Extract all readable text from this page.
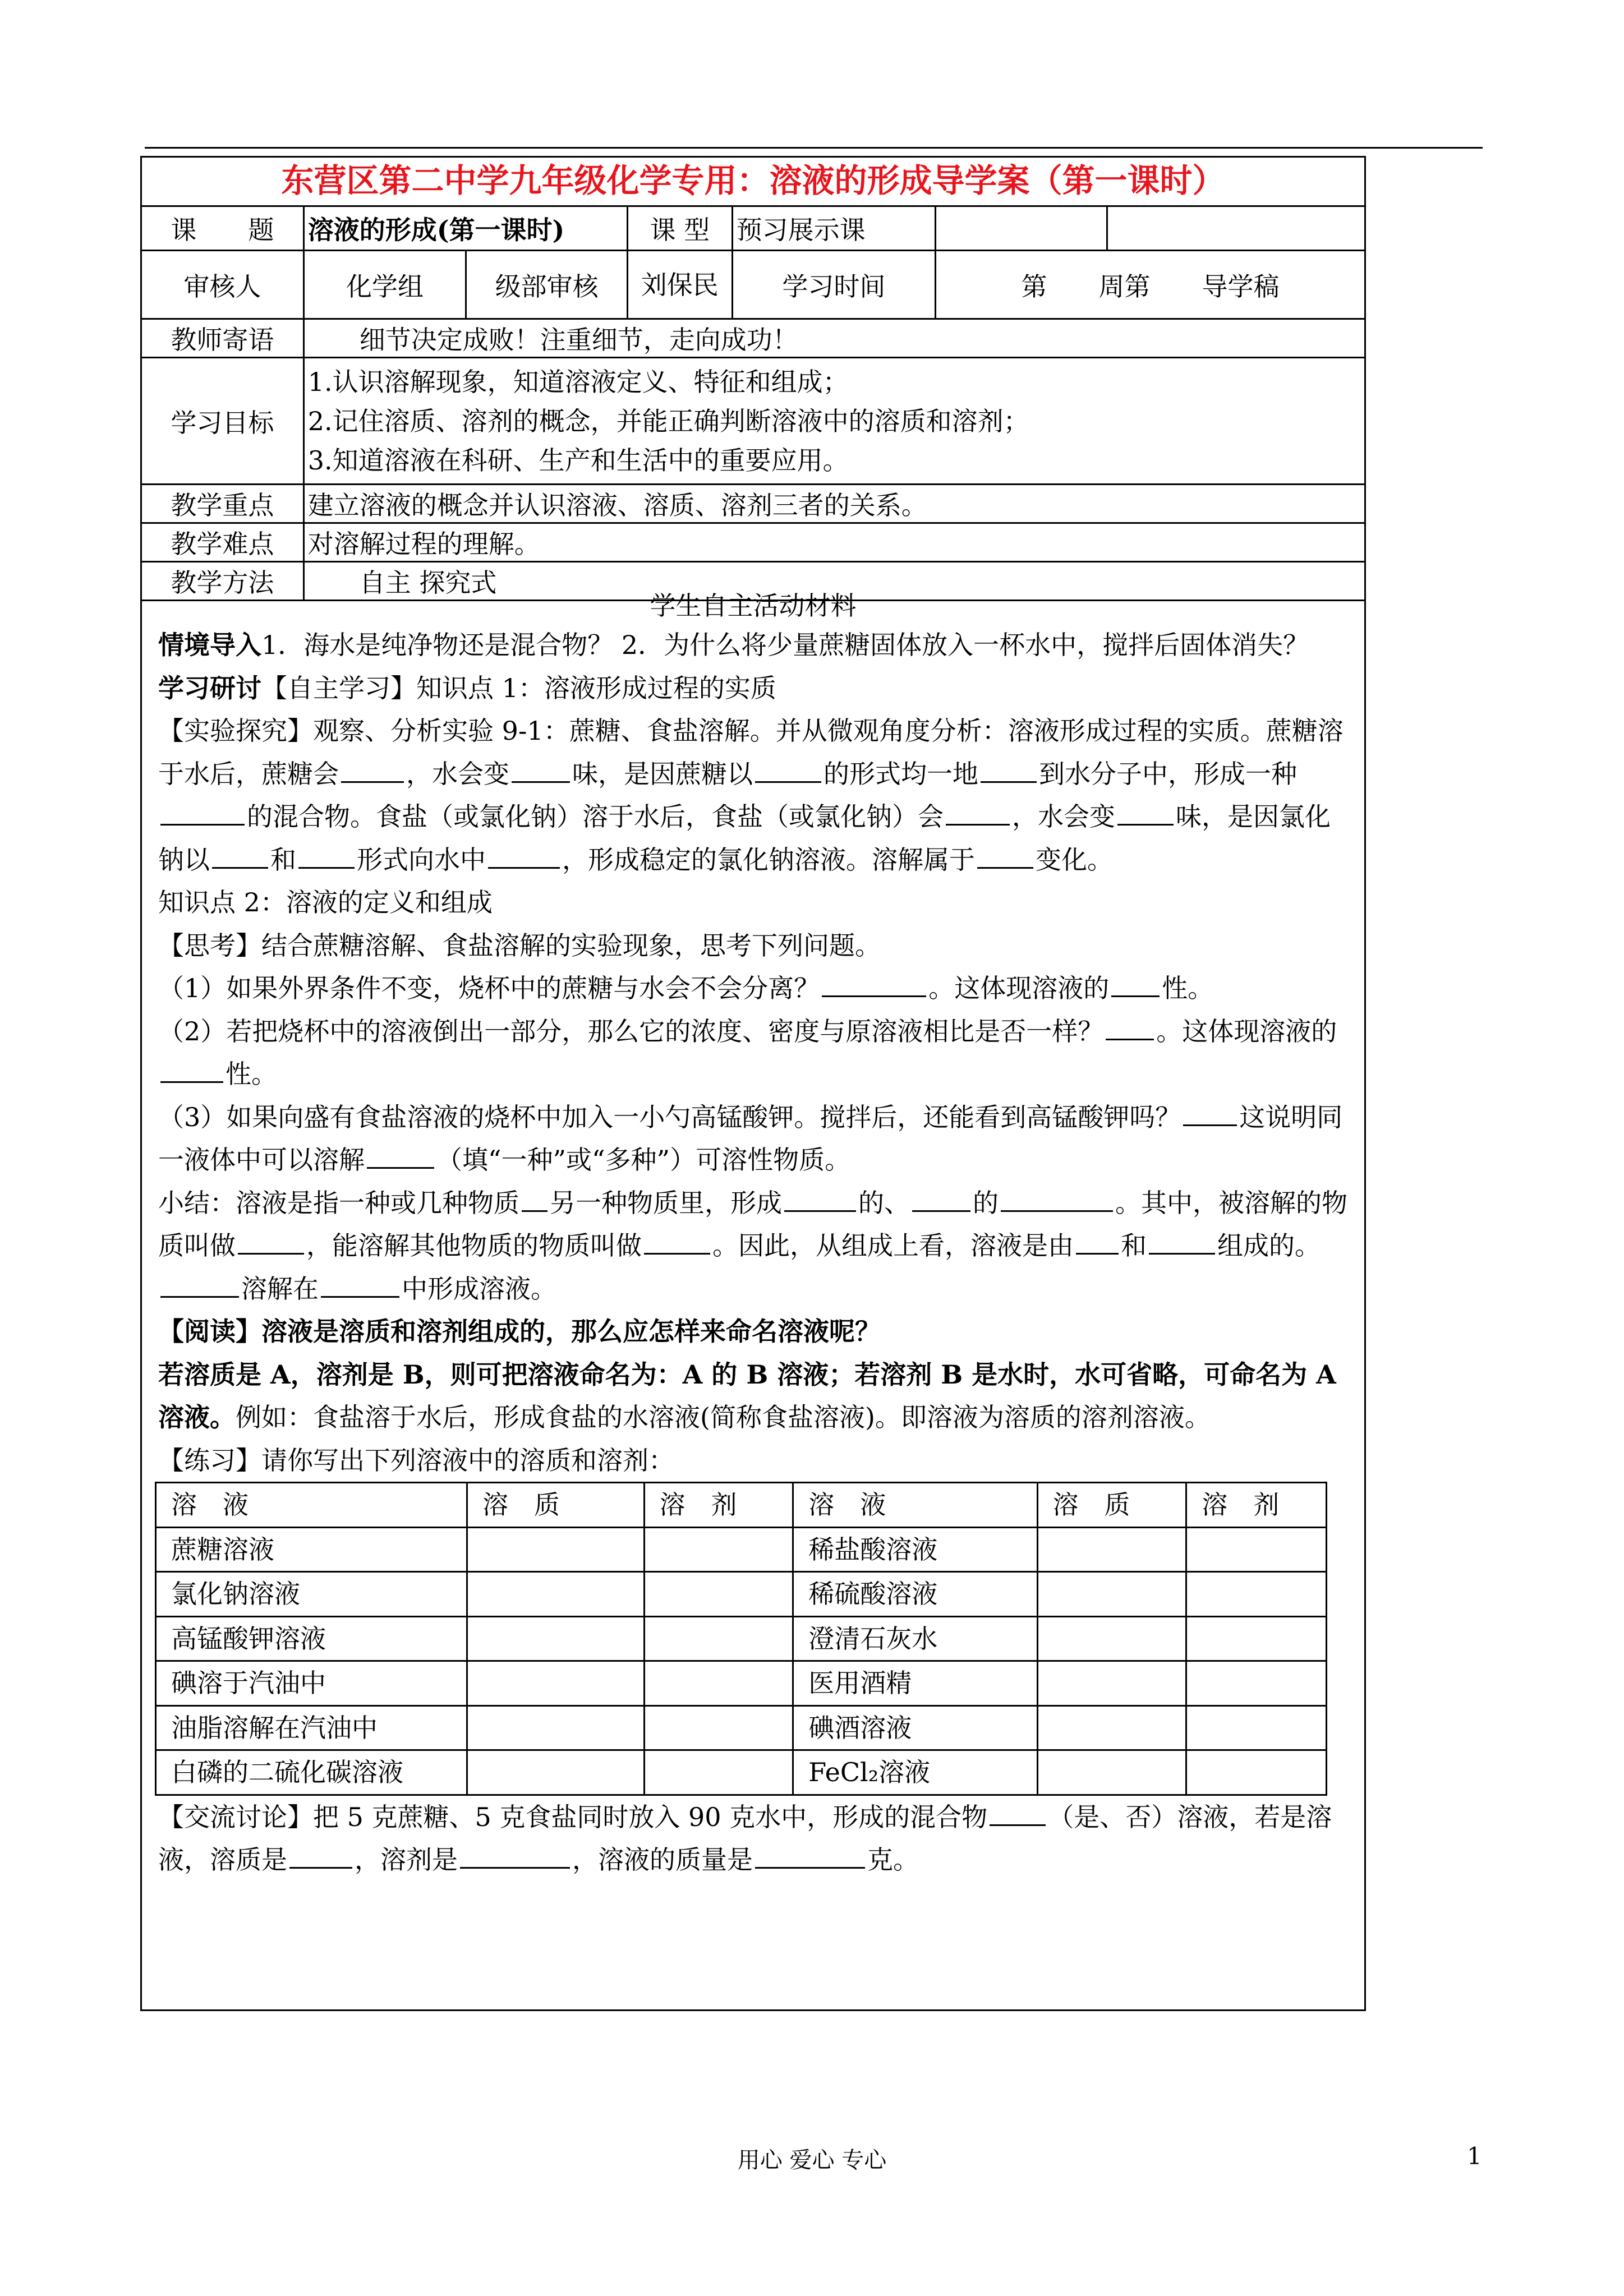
东营区第二中学九年级化学专用：溶液的形成导学案（第一课时）
课　　题	溶液的形成(第一课时)		课 型	预习展示课		
审核人	化学组	级部审核	刘保民	学习时间	第　　周第　　导学稿	
教师寄语	　　细节决定成败！注重细节，走向成功！					
学习目标	1.认识溶解现象，知道溶液定义、特征和组成；
2.记住溶质、溶剂的概念，并能正确判断溶液中的溶质和溶剂；
3.知道溶液在科研、生产和生活中的重要应用。					

教学重点	建立溶液的概念并认识溶液、溶质、溶剂三者的关系。					
教学难点	对溶解过程的理解。					
教学方法	　　自主 探究式					
学生自主活动材料

情境导入1．海水是纯净物还是混合物？ 2．为什么将少量蔗糖固体放入一杯水中，搅拌后固体消失？

学习研讨【自主学习】知识点 1：溶液形成过程的实质

【实验探究】观察、分析实验 9-1：蔗糖、食盐溶解。并从微观角度分析：溶液形成过程的实质。蔗糖溶于水后，蔗糖会	，水会变 味，是因蔗糖以	的形式均一地 到水分子中，形成一种的混合物。食盐（或氯化钠）溶于水后，食盐（或氯化钠）会	，水会变 味，是因氯化钠以 和 形式向水中	，形成稳定的氯化钠溶液。溶解属于 变化。

知识点 2：溶液的定义和组成

【思考】结合蔗糖溶解、食盐溶解的实验现象，思考下列问题。

（1）如果外界条件不变，烧杯中的蔗糖与水会不会分离？	。这体现溶液的 性。

（2）若把烧杯中的溶液倒出一部分，那么它的浓度、密度与原溶液相比是否一样？ 。这体现溶液的性。

（3）如果向盛有食盐溶液的烧杯中加入一小勺高锰酸钾。搅拌后，还能看到高锰酸钾吗？ 这说明同一液体中可以溶解	（填“一种”或“多种”）可溶性物质。

小结：溶液是指一种或几种物质 另一种物质里，形成	的、 的	。其中，被溶解的物质叫做	，能溶解其他物质的物质叫做	。因此，从组成上看，溶液是由 和	组成的。溶解在	中形成溶液。

【阅读】溶液是溶质和溶剂组成的，那么应怎样来命名溶液呢？

若溶质是 A，溶剂是 B，则可把溶液命名为：A 的 B 溶液；若溶剂 B 是水时，水可省略，可命名为 A 溶液。例如：食盐溶于水后，形成食盐的水溶液(简称食盐溶液)。即溶液为溶质的溶剂溶液。

【练习】请你写出下列溶液中的溶质和溶剂：

溶　液	溶　质	溶　剂	溶　液	溶　质	溶　剂
蔗糖溶液			稀盐酸溶液		
氯化钠溶液			稀硫酸溶液		
高锰酸钾溶液			澄清石灰水		
碘溶于汽油中			医用酒精		
油脂溶解在汽油中			碘酒溶液		
白磷的二硫化碳溶液			FeCl₂溶液		

【交流讨论】把 5 克蔗糖、5 克食盐同时放入 90 克水中，形成的混合物 （是、否）溶液，若是溶液，溶质是	，溶剂是	，溶液的质量是	克。

用心 爱心 专心	1
